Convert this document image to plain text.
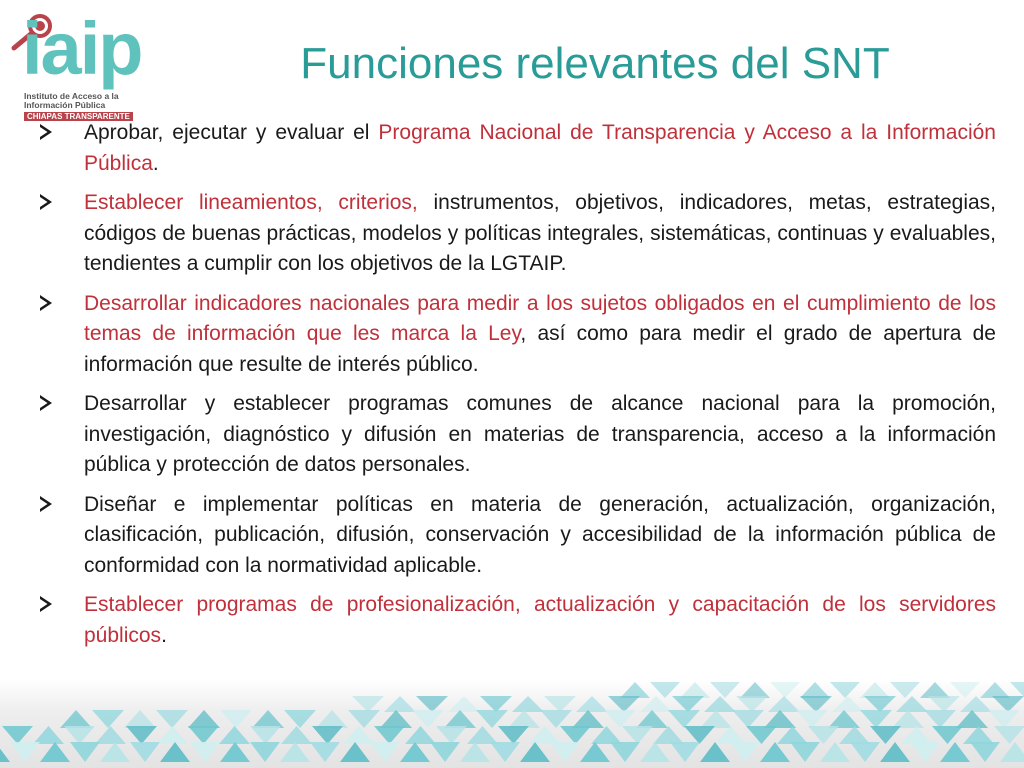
iaip
Instituto de Acceso a la
Información Pública
CHIAPAS TRANSPARENTE
Funciones relevantes del SNT
Aprobar, ejecutar y evaluar el Programa Nacional de Transparencia y Acceso a la Información Pública.
Establecer lineamientos, criterios, instrumentos, objetivos, indicadores, metas, estrategias, códigos de buenas prácticas, modelos y políticas integrales, sistemáticas, continuas y evaluables, tendientes a cumplir con los objetivos de la LGTAIP.
Desarrollar indicadores nacionales para medir a los sujetos obligados en el cumplimiento de los temas de información que les marca la Ley, así como para medir el grado de apertura de información que resulte de interés público.
Desarrollar y establecer programas comunes de alcance nacional para la promoción, investigación, diagnóstico y difusión en materias de transparencia, acceso a la información pública y protección de datos personales.
Diseñar e implementar políticas en materia de generación, actualización, organización, clasificación, publicación, difusión, conservación y accesibilidad de la información pública de conformidad con la normatividad aplicable.
Establecer programas de profesionalización, actualización y capacitación de los servidores públicos.
